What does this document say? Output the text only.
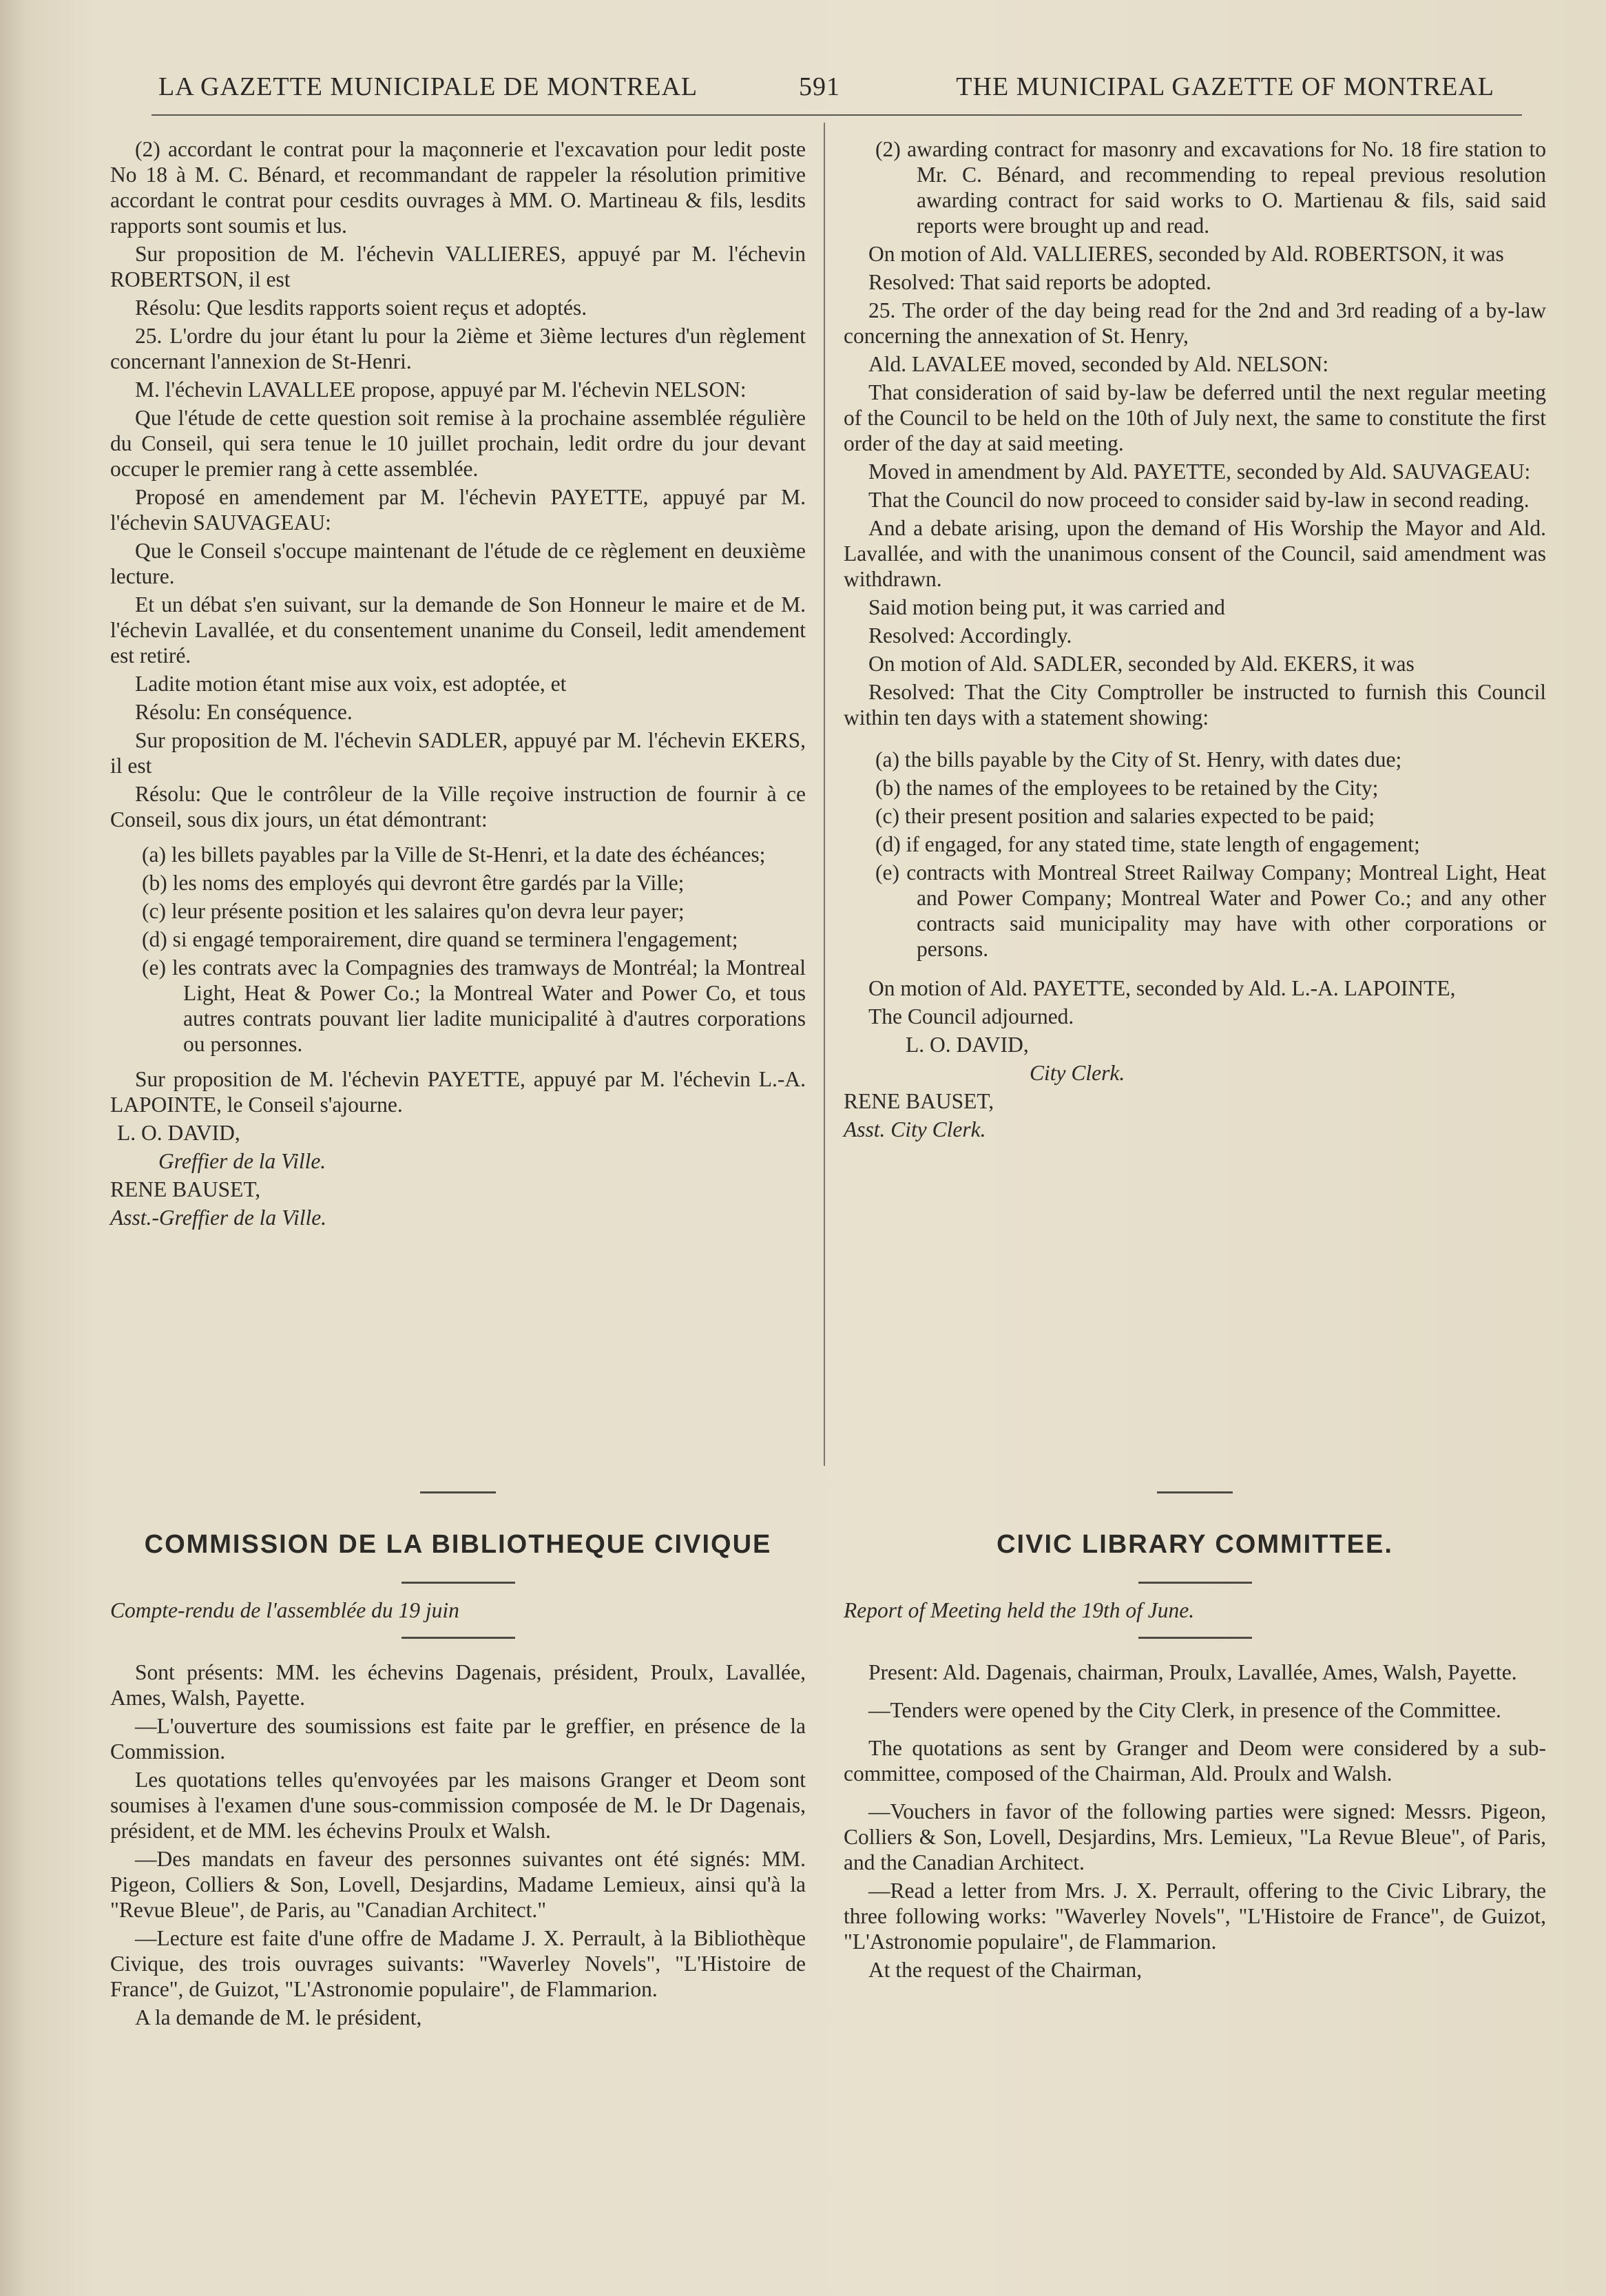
LA GAZETTE MUNICIPALE DE MONTREAL	591	THE MUNICIPAL GAZETTE OF MONTREAL

(2) accordant le contrat pour la maçonnerie et l'excavation pour ledit poste No 18 à M. C. Bénard, et recommandant de rappeler la résolution primitive accordant le contrat pour cesdits ouvrages à MM. O. Martineau & fils, lesdits rapports sont soumis et lus.

Sur proposition de M. l'échevin VALLIERES, appuyé par M. l'échevin ROBERTSON, il est

Résolu: Que lesdits rapports soient reçus et adoptés.

25. L'ordre du jour étant lu pour la 2ième et 3ième lectures d'un règlement concernant l'annexion de St-Henri.

M. l'échevin LAVALLEE propose, appuyé par M. l'échevin NELSON:

Que l'étude de cette question soit remise à la prochaine assemblée régulière du Conseil, qui sera tenue le 10 juillet prochain, ledit ordre du jour devant occuper le premier rang à cette assemblée.

Proposé en amendement par M. l'échevin PAYETTE, appuyé par M. l'échevin SAUVAGEAU:

Que le Conseil s'occupe maintenant de l'étude de ce règlement en deuxième lecture.

Et un débat s'en suivant, sur la demande de Son Honneur le maire et de M. l'échevin Lavallée, et du consentement unanime du Conseil, ledit amendement est retiré.

Ladite motion étant mise aux voix, est adoptée, et

Résolu: En conséquence.

Sur proposition de M. l'échevin SADLER, appuyé par M. l'échevin EKERS, il est

Résolu: Que le contrôleur de la Ville reçoive instruction de fournir à ce Conseil, sous dix jours, un état démontrant:

(a) les billets payables par la Ville de St-Henri, et la date des échéances;

(b) les noms des employés qui devront être gardés par la Ville;

(c) leur présente position et les salaires qu'on devra leur payer;

(d) si engagé temporairement, dire quand se terminera l'engagement;

(e) les contrats avec la Compagnies des tramways de Montréal; la Montreal Light, Heat & Power Co.; la Montreal Water and Power Co, et tous autres contrats pouvant lier ladite municipalité à d'autres corporations ou personnes.

Sur proposition de M. l'échevin PAYETTE, appuyé par M. l'échevin L.-A. LAPOINTE, le Conseil s'ajourne.

L. O. DAVID,

Greffier de la Ville.

RENE BAUSET,

Asst.-Greffier de la Ville.

(2) awarding contract for masonry and excavations for No. 18 fire station to Mr. C. Bénard, and recommending to repeal previous resolution awarding contract for said works to O. Martienau & fils, said said reports were brought up and read.

On motion of Ald. VALLIERES, seconded by Ald. ROBERTSON, it was

Resolved: That said reports be adopted.

25. The order of the day being read for the 2nd and 3rd reading of a by-law concerning the annexation of St. Henry,

Ald. LAVALEE moved, seconded by Ald. NELSON:

That consideration of said by-law be deferred until the next regular meeting of the Council to be held on the 10th of July next, the same to constitute the first order of the day at said meeting.

Moved in amendment by Ald. PAYETTE, seconded by Ald. SAUVAGEAU:

That the Council do now proceed to consider said by-law in second reading.

And a debate arising, upon the demand of His Worship the Mayor and Ald. Lavallée, and with the unanimous consent of the Council, said amendment was withdrawn.

Said motion being put, it was carried and

Resolved: Accordingly.

On motion of Ald. SADLER, seconded by Ald. EKERS, it was

Resolved: That the City Comptroller be instructed to furnish this Council within ten days with a statement showing:

(a) the bills payable by the City of St. Henry, with dates due;

(b) the names of the employees to be retained by the City;

(c) their present position and salaries expected to be paid;

(d) if engaged, for any stated time, state length of engagement;

(e) contracts with Montreal Street Railway Company; Montreal Light, Heat and Power Company; Montreal Water and Power Co.; and any other contracts said municipality may have with other corporations or persons.

On motion of Ald. PAYETTE, seconded by Ald. L.-A. LAPOINTE,

The Council adjourned.

L. O. DAVID,

City Clerk.

RENE BAUSET,

Asst. City Clerk.

COMMISSION DE LA BIBLIOTHEQUE CIVIQUE

Compte-rendu de l'assemblée du 19 juin

Sont présents: MM. les échevins Dagenais, président, Proulx, Lavallée, Ames, Walsh, Payette.

—L'ouverture des soumissions est faite par le greffier, en présence de la Commission.

Les quotations telles qu'envoyées par les maisons Granger et Deom sont soumises à l'examen d'une sous-commission composée de M. le Dr Dagenais, président, et de MM. les échevins Proulx et Walsh.

—Des mandats en faveur des personnes suivantes ont été signés: MM. Pigeon, Colliers & Son, Lovell, Desjardins, Madame Lemieux, ainsi qu'à la "Revue Bleue", de Paris, au "Canadian Architect."

—Lecture est faite d'une offre de Madame J. X. Perrault, à la Bibliothèque Civique, des trois ouvrages suivants: "Waverley Novels", "L'Histoire de France", de Guizot, "L'Astronomie populaire", de Flammarion.

A la demande de M. le président,

CIVIC LIBRARY COMMITTEE.

Report of Meeting held the 19th of June.

Present: Ald. Dagenais, chairman, Proulx, Lavallée, Ames, Walsh, Payette.

—Tenders were opened by the City Clerk, in presence of the Committee.

The quotations as sent by Granger and Deom were considered by a sub-committee, composed of the Chairman, Ald. Proulx and Walsh.

—Vouchers in favor of the following parties were signed: Messrs. Pigeon, Colliers & Son, Lovell, Desjardins, Mrs. Lemieux, "La Revue Bleue", of Paris, and the Canadian Architect.

—Read a letter from Mrs. J. X. Perrault, offering to the Civic Library, the three following works: "Waverley Novels", "L'Histoire de France", de Guizot, "L'Astronomie populaire", de Flammarion.

At the request of the Chairman,
